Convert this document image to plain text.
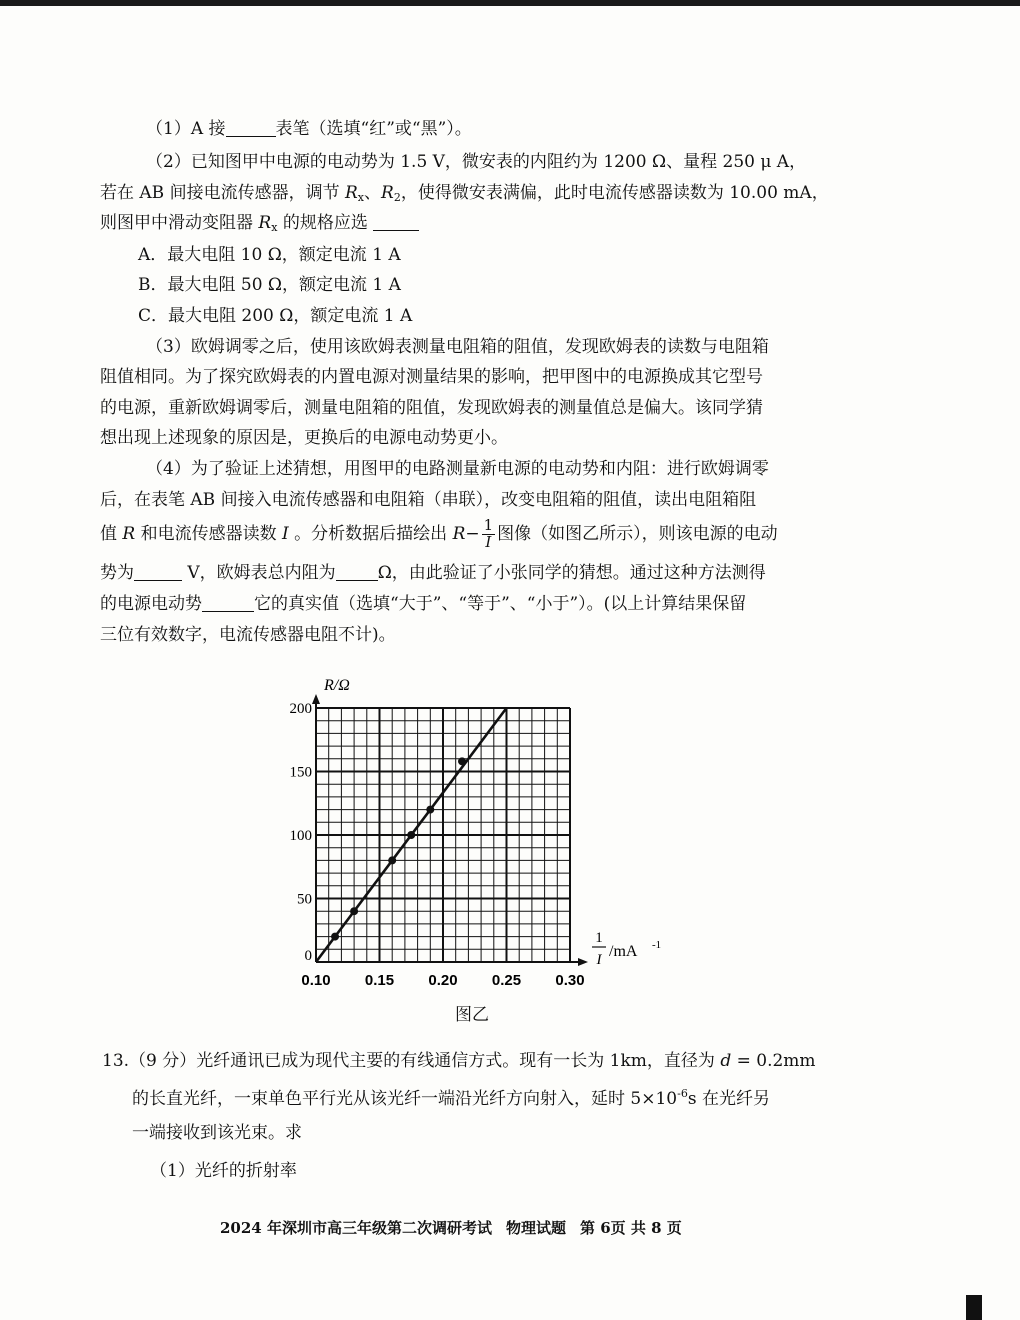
（1）A 接	表笔（选填“红”或“黑”）。

（2）已知图甲中电源的电动势为 1.5 V，微安表的内阻约为 1200 Ω、量程 250 μ A，

若在 AB 间接电流传感器，调节 $R_x$、$R_2$，使得微安表满偏，此时电流传感器读数为 10.00 mA，

则图甲中滑动变阻器 $R_x$ 的规格应选

A．最大电阻 10 Ω，额定电流 1 A

B．最大电阻 50 Ω，额定电流 1 A

C．最大电阻 200 Ω，额定电流 1 A

（3）欧姆调零之后，使用该欧姆表测量电阻箱的阻值，发现欧姆表的读数与电阻箱

阻值相同。为了探究欧姆表的内置电源对测量结果的影响，把甲图中的电源换成其它型号

的电源，重新欧姆调零后，测量电阻箱的阻值，发现欧姆表的测量值总是偏大。该同学猜

想出现上述现象的原因是，更换后的电源电动势更小。

（4）为了验证上述猜想，用图甲的电路测量新电源的电动势和内阻：进行欧姆调零

后，在表笔 AB 间接入电流传感器和电阻箱（串联），改变电阻箱的阻值，读出电阻箱阻

值 R 和电流传感器读数 I 。分析数据后描绘出 $R- \frac{1}{I}$ 图像（如图乙所示），则该电源的电动

势为	V，欧姆表总内阻为 Ω，由此验证了小张同学的猜想。通过这种方法测得

的电源电动势	它的真实值（选填“大于”、“等于”、“小于”）。(以上计算结果保留

三位有效数字，电流传感器电阻不计)。

0.10 0.15 0.20 0.25 0.30
0
50
100
150
200
R/Ω
1
I /mA -1
图乙

13.（9 分）光纤通讯已成为现代主要的有线通信方式。现有一长为 1km，直径为 d = 0.2mm

的长直光纤，一束单色平行光从该光纤一端沿光纤方向射入，延时 $5\times 10^{-6}s$ 在光纤另

一端接收到该光束。求

（1）光纤的折射率

2024 年深圳市高三年级第二次调研考试 物理试题 第 6页 共 8 页
